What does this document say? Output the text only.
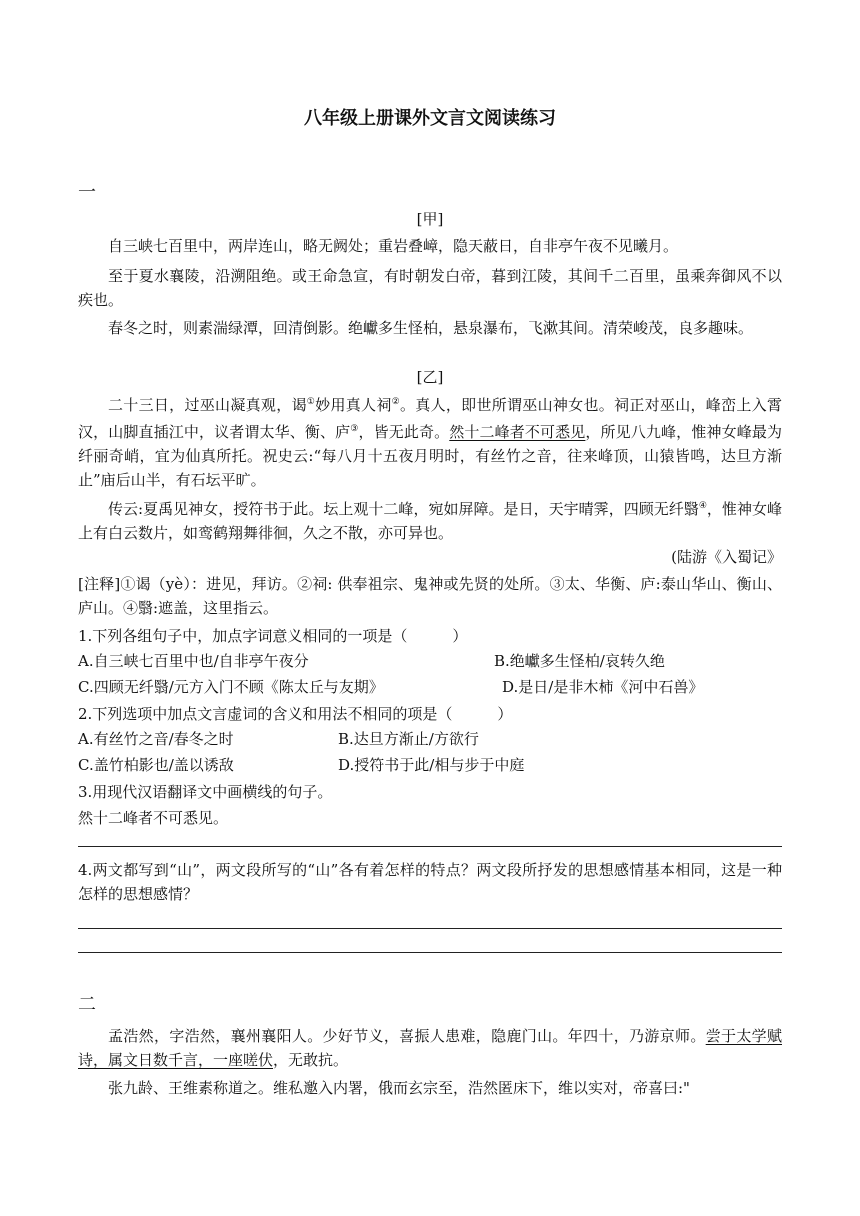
八年级上册课外文言文阅读练习
一
[甲]
自三峡七百里中，两岸连山，略无阙处；重岩叠嶂，隐天蔽日，自非亭午夜不见曦月。
至于夏水襄陵，沿溯阻绝。或王命急宣，有时朝发白帝，暮到江陵，其间千二百里，虽乘奔御风不以疾也。
春冬之时，则素湍绿潭，回清倒影。绝巘多生怪柏，悬泉瀑布，飞漱其间。清荣峻茂，良多趣味。
[乙]
二十三日，过巫山凝真观，谒①妙用真人祠②。真人，即世所谓巫山神女也。祠正对巫山，峰峦上入霄汉，山脚直插江中，议者谓太华、衡、庐③，皆无此奇。然十二峰者不可悉见，所见八九峰，惟神女峰最为纤丽奇峭，宜为仙真所托。祝史云:“每八月十五夜月明时，有丝竹之音，往来峰顶，山猿皆鸣，达旦方渐止”庙后山半，有石坛平旷。
传云:夏禹见神女，授符书于此。坛上观十二峰，宛如屏障。是日，天宇晴霁，四顾无纤翳④，惟神女峰上有白云数片，如鸾鹤翔舞徘徊，久之不散，亦可异也。
(陆游《入蜀记》
[注释]①谒（yè）：进见，拜访。②祠: 供奉祖宗、鬼神或先贤的处所。③太、华衡、庐:泰山华山、衡山、庐山。④翳:遮盖，这里指云。
1.下列各组句子中，加点字词意义相同的一项是（　　　）
A.自三峡七百里中也/自非亭午夜分	B.绝巘多生怪柏/哀转久绝
C.四顾无纤翳/元方入门不顾《陈太丘与友期》	D.是日/是非木柿《河中石兽》
2.下列选项中加点文言虚词的含义和用法不相同的项是（　　　）
A.有丝竹之音/春冬之时	B.达旦方渐止/方欲行
C.盖竹柏影也/盖以诱敌	D.授符书于此/相与步于中庭
3.用现代汉语翻译文中画横线的句子。
然十二峰者不可悉见。
4.两文都写到“山”，两文段所写的“山”各有着怎样的特点？两文段所抒发的思想感情基本相同，这是一种怎样的思想感情？
二
孟浩然，字浩然，襄州襄阳人。少好节义，喜振人患难，隐鹿门山。年四十，乃游京师。尝于太学赋诗，属文日数千言，一座嗟伏，无敢抗。
张九龄、王维素称道之。维私邀入内署，俄而玄宗至，浩然匿床下，维以实对，帝喜曰:"
